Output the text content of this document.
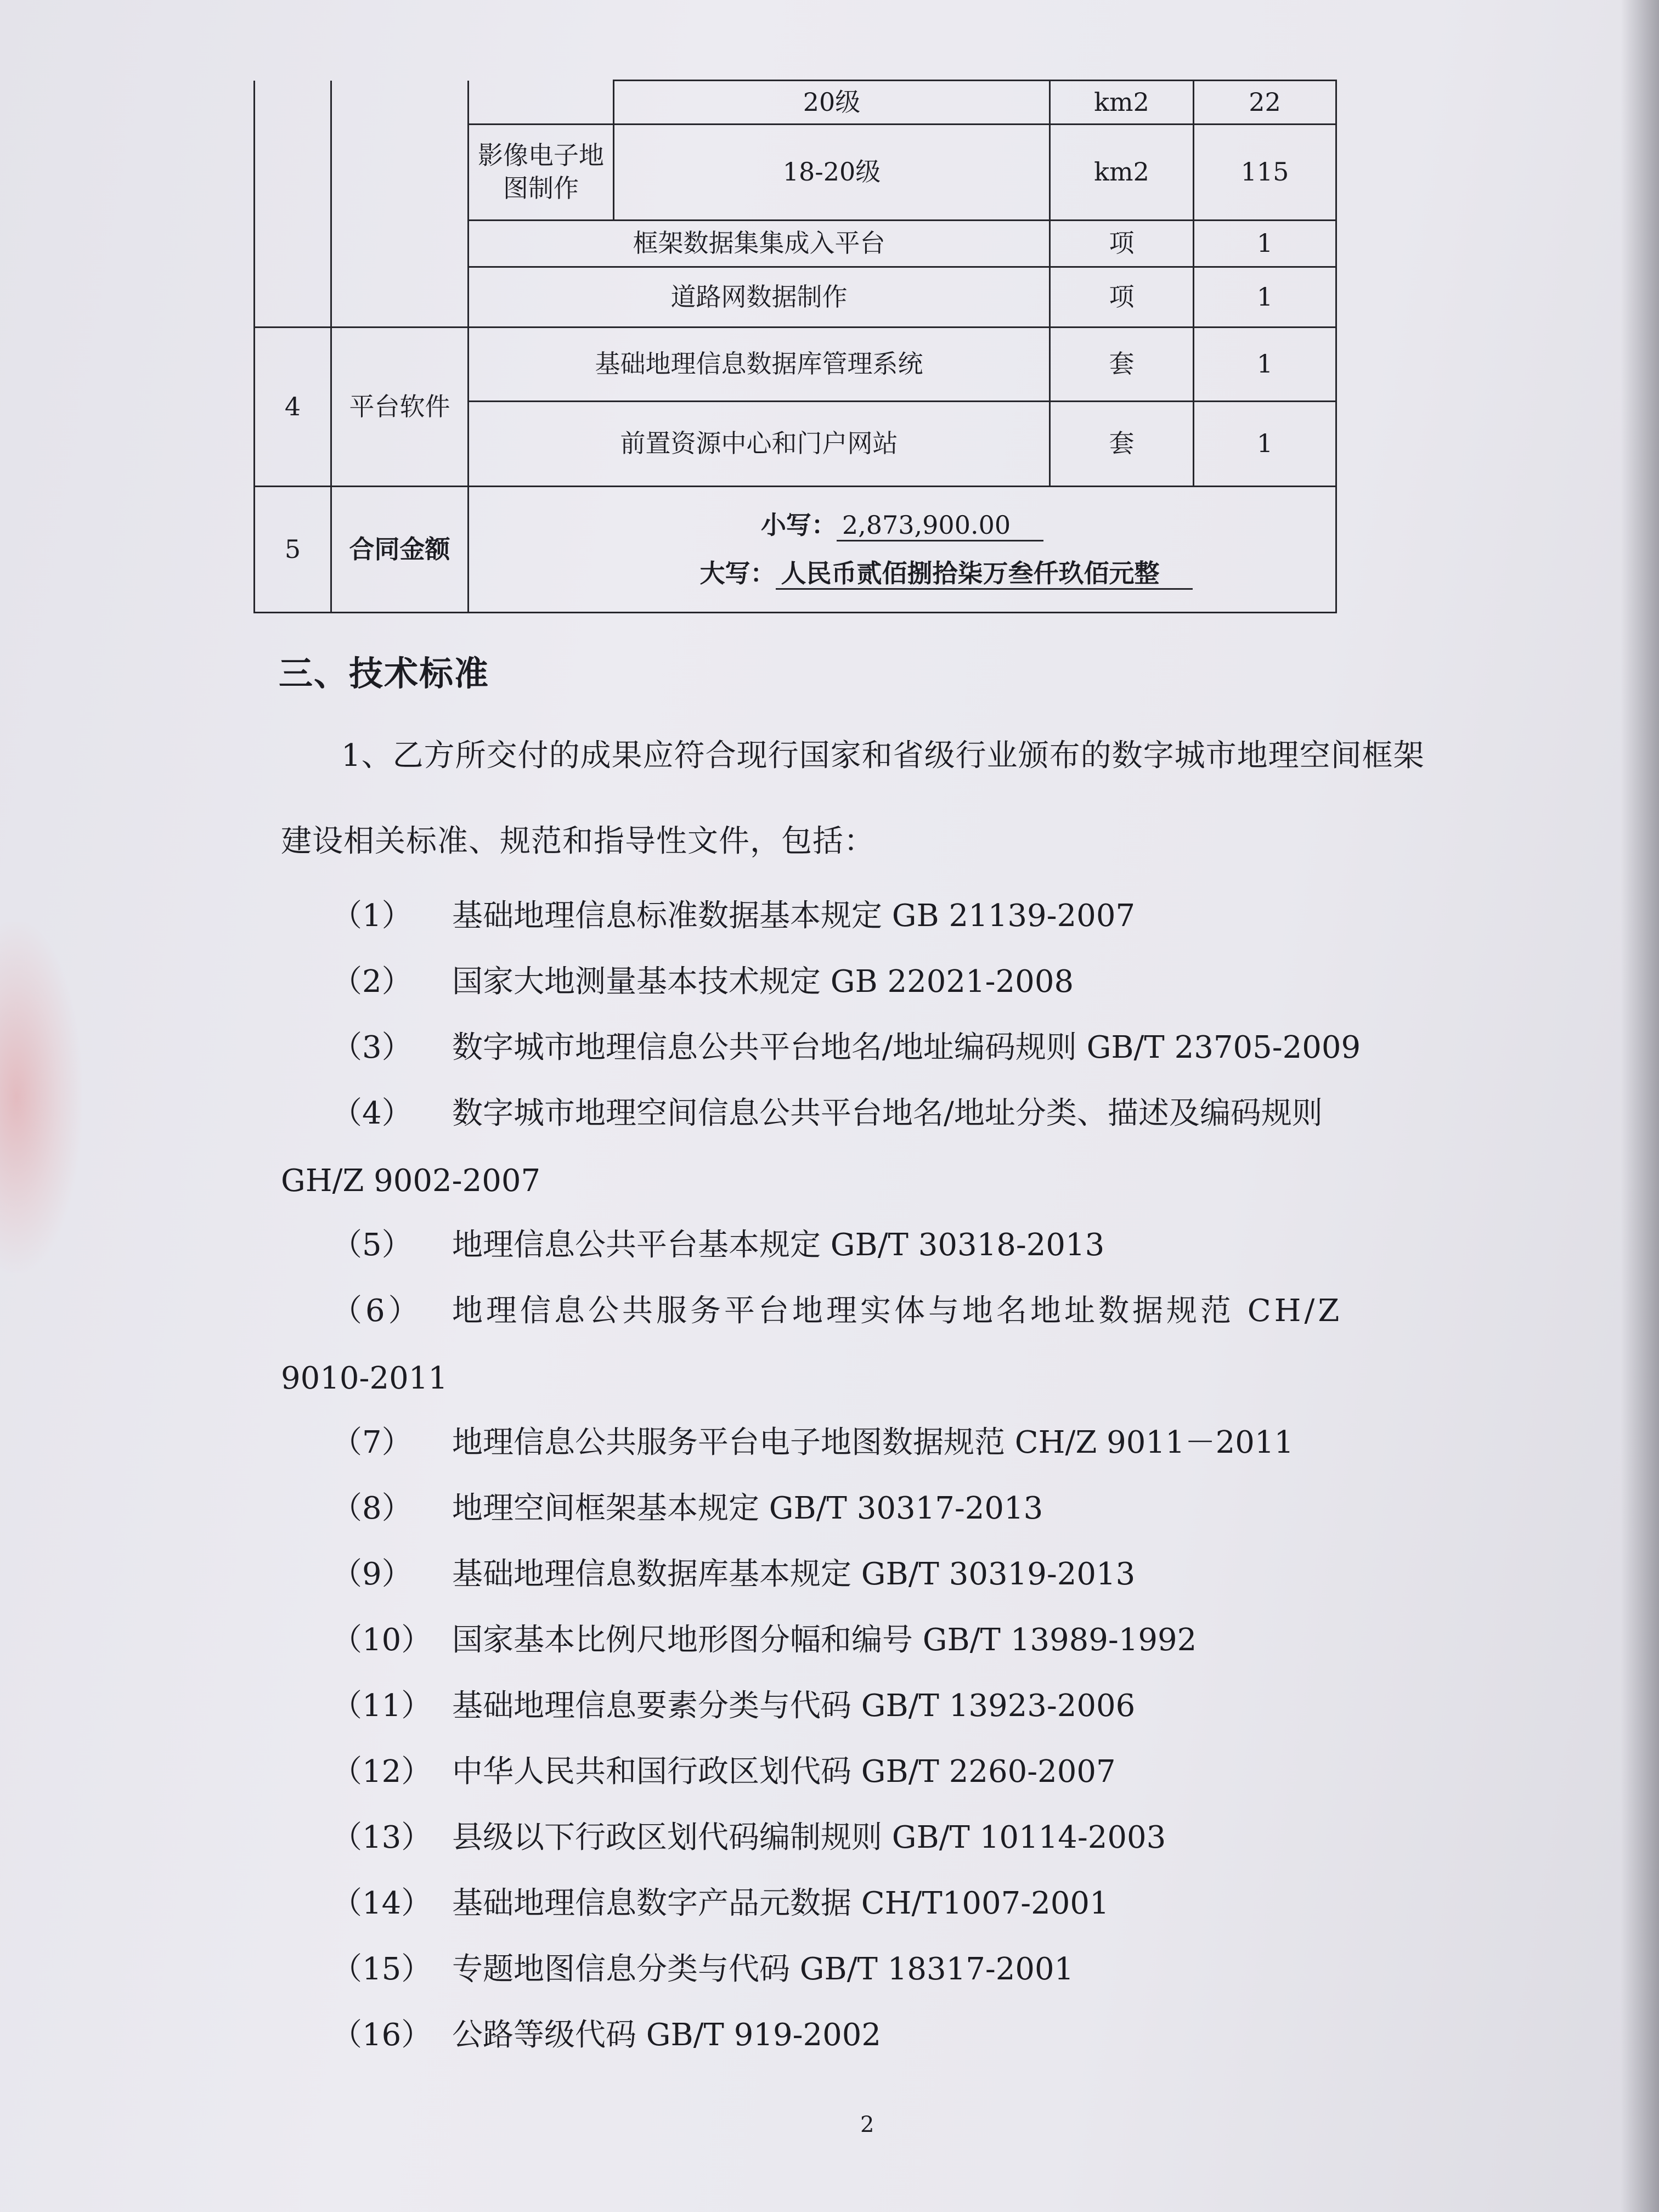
			20级	km2	22
		影像电子地图制作	18-20级	km2	115
		框架数据集集成入平台		项	1
		道路网数据制作		项	1
4	平台软件	基础地理信息数据库管理系统		套	1
		前置资源中心和门户网站		套	1
5	合同金额	小写： 2,873,900.00
大写： 人民币贰佰捌拾柒万叁仟玖佰元整			
三、技术标准
1、乙方所交付的成果应符合现行国家和省级行业颁布的数字城市地理空间框架建设相关标准、规范和指导性文件，包括：
（1） 基础地理信息标准数据基本规定 GB 21139-2007
（2） 国家大地测量基本技术规定 GB 22021-2008
（3） 数字城市地理信息公共平台地名/地址编码规则 GB/T 23705-2009
（4） 数字城市地理空间信息公共平台地名/地址分类、描述及编码规则
GH/Z 9002-2007
（5） 地理信息公共平台基本规定 GB/T 30318-2013
（6） 地理信息公共服务平台地理实体与地名地址数据规范 CH/Z
9010-2011
（7） 地理信息公共服务平台电子地图数据规范 CH/Z 9011－2011
（8） 地理空间框架基本规定 GB/T 30317-2013
（9） 基础地理信息数据库基本规定 GB/T 30319-2013
（10） 国家基本比例尺地形图分幅和编号 GB/T 13989-1992
（11） 基础地理信息要素分类与代码 GB/T 13923-2006
（12） 中华人民共和国行政区划代码 GB/T 2260-2007
（13） 县级以下行政区划代码编制规则 GB/T 10114-2003
（14） 基础地理信息数字产品元数据 CH/T1007-2001
（15） 专题地图信息分类与代码 GB/T 18317-2001
（16） 公路等级代码 GB/T 919-2002
2
